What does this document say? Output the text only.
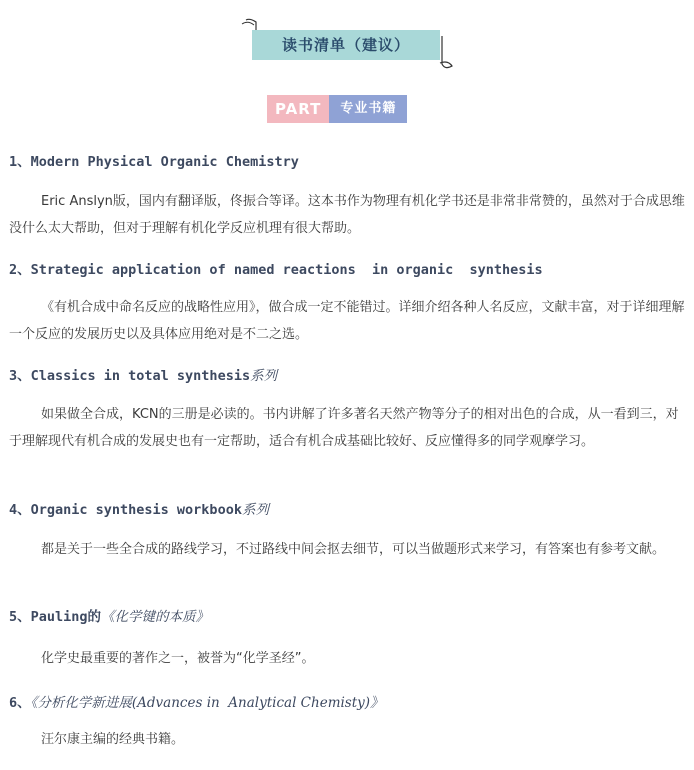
读书清单（建议）
PART	专业书籍
1、Modern Physical Organic Chemistry
Eric Anslyn版，国内有翻译版，佟振合等译。这本书作为物理有机化学书还是非常非常赞的，虽然对于合成思维没什么太大帮助，但对于理解有机化学反应机理有很大帮助。
2、Strategic application of named reactions  in organic  synthesis
《有机合成中命名反应的战略性应用》，做合成一定不能错过。详细介绍各种人名反应，文献丰富，对于详细理解一个反应的发展历史以及具体应用绝对是不二之选。
3、Classics in total synthesis系列
如果做全合成，KCN的三册是必读的。书内讲解了许多著名天然产物等分子的相对出色的合成，从一看到三，对于理解现代有机合成的发展史也有一定帮助，适合有机合成基础比较好、反应懂得多的同学观摩学习。
4、Organic synthesis workbook系列
都是关于一些全合成的路线学习，不过路线中间会抠去细节，可以当做题形式来学习，有答案也有参考文献。
5、Pauling的《化学键的本质》
化学史最重要的著作之一，被誉为“化学圣经”。
6、《分析化学新进展(Advances in  Analytical Chemisty)》
汪尔康主编的经典书籍。
